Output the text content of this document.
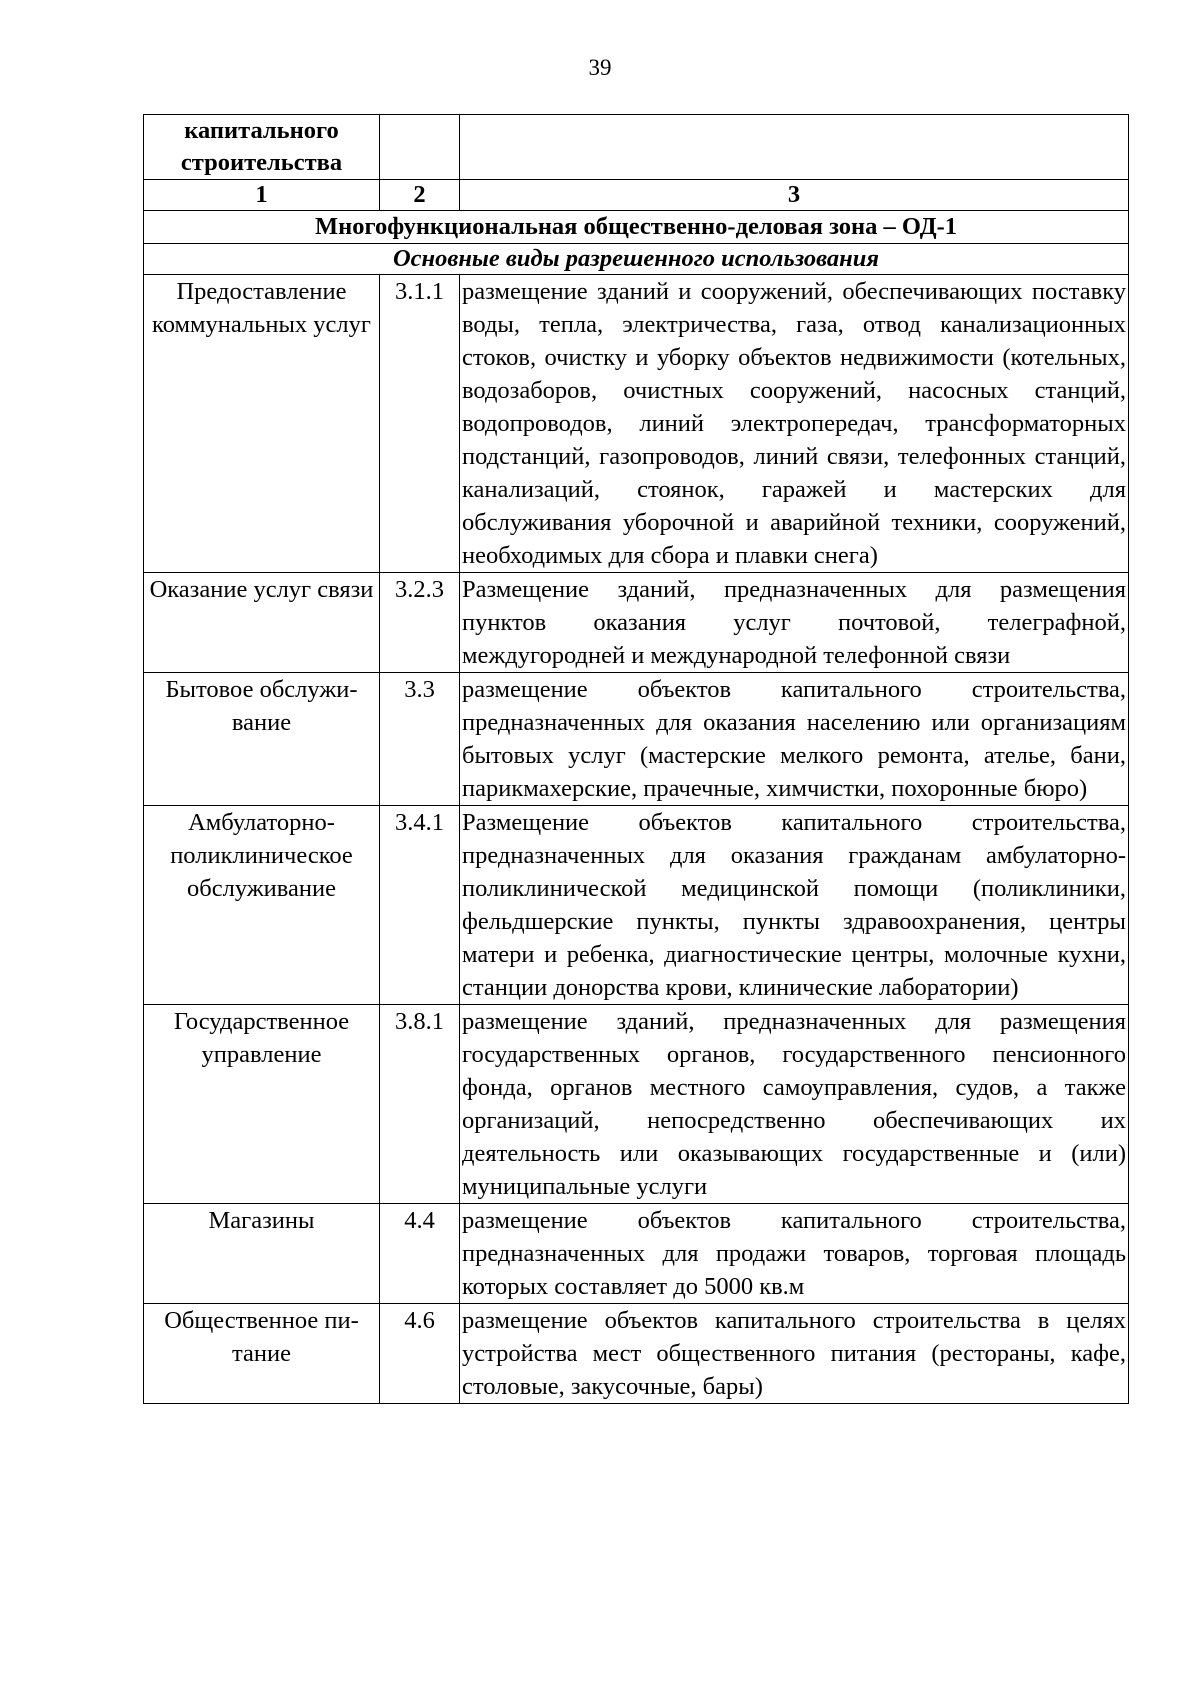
39
капитального строительства		
1	2	3
Многофункциональная общественно-деловая зона – ОД-1		
Основные виды разрешенного использования		
Предоставление коммунальных услуг	3.1.1	размещение зданий и сооружений, обеспечивающих поставку воды, тепла, электричества, газа, отвод канализационных стоков, очистку и уборку объектов недвижимости (котельных, водозаборов, очистных сооружений, насосных станций, водопроводов, линий электропередач, трансформаторных подстанций, газопроводов, линий связи, телефонных станций, канализаций, стоянок, гаражей и мастерских для обслуживания уборочной и аварийной техники, сооружений, необходимых для сбора и плавки снега)
Оказание услуг связи	3.2.3	Размещение зданий, предназначенных для размещения пунктов оказания услуг почтовой, телеграфной, междугородней и международной телефонной связи
Бытовое обслужи-вание	3.3	размещение объектов капитального строительства, предназначенных для оказания населению или организациям бытовых услуг (мастерские мелкого ремонта, ателье, бани, парикмахерские, прачечные, химчистки, похоронные бюро)
Амбулаторно-поликлиническое обслуживание	3.4.1	Размещение объектов капитального строительства, предназначенных для оказания гражданам амбулаторно-поликлинической медицинской помощи (поликлиники, фельдшерские пункты, пункты здравоохранения, центры матери и ребенка, диагностические центры, молочные кухни, станции донорства крови, клинические лаборатории)
Государственное управление	3.8.1	размещение зданий, предназначенных для размещения государственных органов, государственного пенсионного фонда, органов местного самоуправления, судов, а также организаций, непосредственно обеспечивающих их деятельность или оказывающих государственные и (или) муниципальные услуги
Магазины	4.4	размещение объектов капитального строительства, предназначенных для продажи товаров, торговая площадь которых составляет до 5000 кв.м
Общественное пи-тание	4.6	размещение объектов капитального строительства в целях устройства мест общественного питания (рестораны, кафе, столовые, закусочные, бары)
